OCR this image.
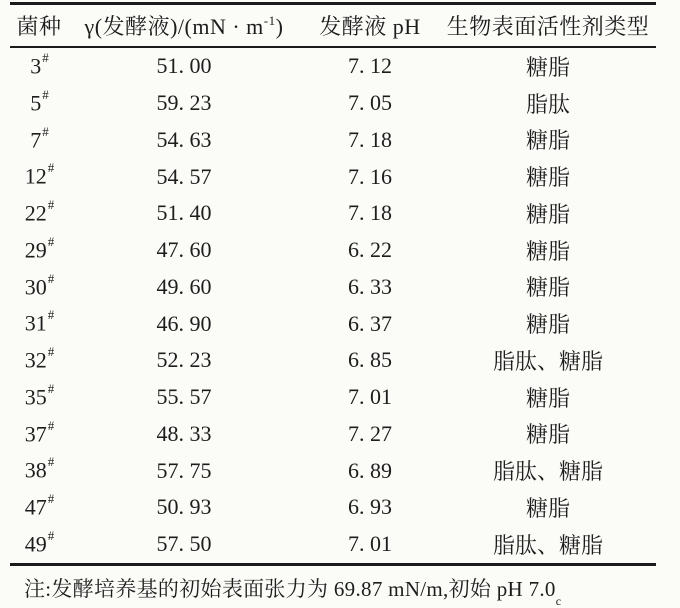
菌种	γ(发酵液)$/(mN \cdot m^{-1})$	发酵液 pH	生物表面活性剂类型
3#	51. 00	7. 12	糖脂
5#	59. 23	7. 05	脂肽
7#	54. 63	7. 18	糖脂
12#	54. 57	7. 16	糖脂
22#	51. 40	7. 18	糖脂
29#	47. 60	6. 22	糖脂
30#	49. 60	6. 33	糖脂
31#	46. 90	6. 37	糖脂
32#	52. 23	6. 85	脂肽、糖脂
35#	55. 57	7. 01	糖脂
37#	48. 33	7. 27	糖脂
38#	57. 75	6. 89	脂肽、糖脂
47#	50. 93	6. 93	糖脂
49#	57. 50	7. 01	脂肽、糖脂
注:发酵培养基的初始表面张力为 69.87 mN/m,初始 pH $7.0_c$
